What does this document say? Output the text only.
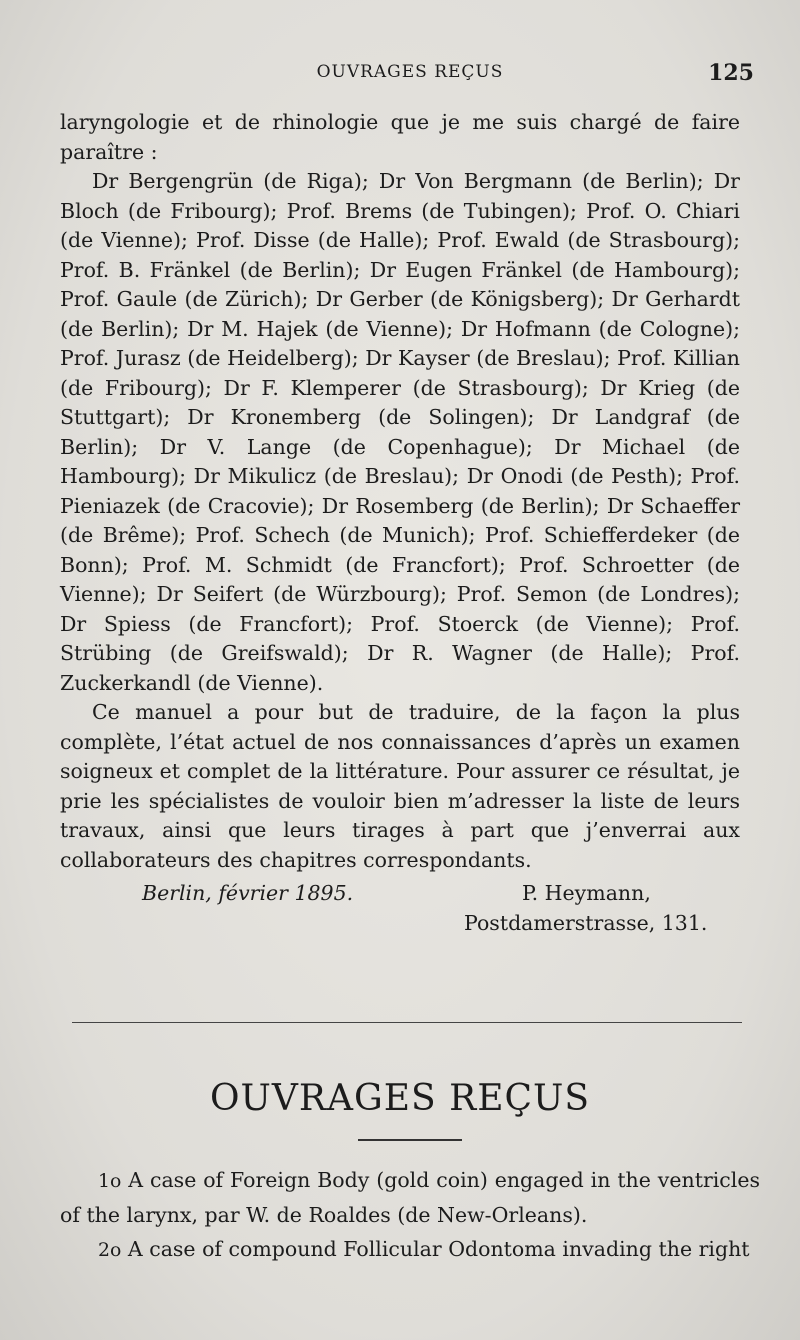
OUVRAGES REÇUS	125

laryngologie et de rhinologie que je me suis chargé de faire paraître :

Dr Bergengrün (de Riga); Dr Von Bergmann (de Berlin); Dr Bloch (de Fribourg); Prof. Brems (de Tubingen); Prof. O. Chiari (de Vienne); Prof. Disse (de Halle); Prof. Ewald (de Strasbourg); Prof. B. Fränkel (de Berlin); Dr Eugen Fränkel (de Hambourg); Prof. Gaule (de Zürich); Dr Gerber (de Königsberg); Dr Gerhardt (de Berlin); Dr M. Hajek (de Vienne); Dr Hofmann (de Cologne); Prof. Jurasz (de Heidelberg); Dr Kayser (de Breslau); Prof. Killian (de Fribourg); Dr F. Klemperer (de Strasbourg); Dr Krieg (de Stuttgart); Dr Kronemberg (de Solingen); Dr Landgraf (de Berlin); Dr V. Lange (de Copenhague); Dr Michael (de Hambourg); Dr Mikulicz (de Breslau); Dr Onodi (de Pesth); Prof. Pieniazek (de Cracovie); Dr Rosemberg (de Berlin); Dr Schaeffer (de Brême); Prof. Schech (de Munich); Prof. Schiefferdeker (de Bonn); Prof. M. Schmidt (de Francfort); Prof. Schroetter (de Vienne); Dr Seifert (de Würzbourg); Prof. Semon (de Londres); Dr Spiess (de Francfort); Prof. Stoerck (de Vienne); Prof. Strübing (de Greifswald); Dr R. Wagner (de Halle); Prof. Zuckerkandl (de Vienne).

Ce manuel a pour but de traduire, de la façon la plus complète, l’état actuel de nos connaissances d’après un examen soigneux et complet de la littérature. Pour assurer ce résultat, je prie les spécialistes de vouloir bien m’adresser la liste de leurs travaux, ainsi que leurs tirages à part que j’enverrai aux collaborateurs des chapitres correspondants.

Berlin, février 1895.	P. Heymann,
Postdamerstrasse, 131.
OUVRAGES REÇUS

1o A case of Foreign Body (gold coin) engaged in the ventricles of the larynx, par W. de Roaldes (de New-Orleans).

2o A case of compound Follicular Odontoma invading the right
